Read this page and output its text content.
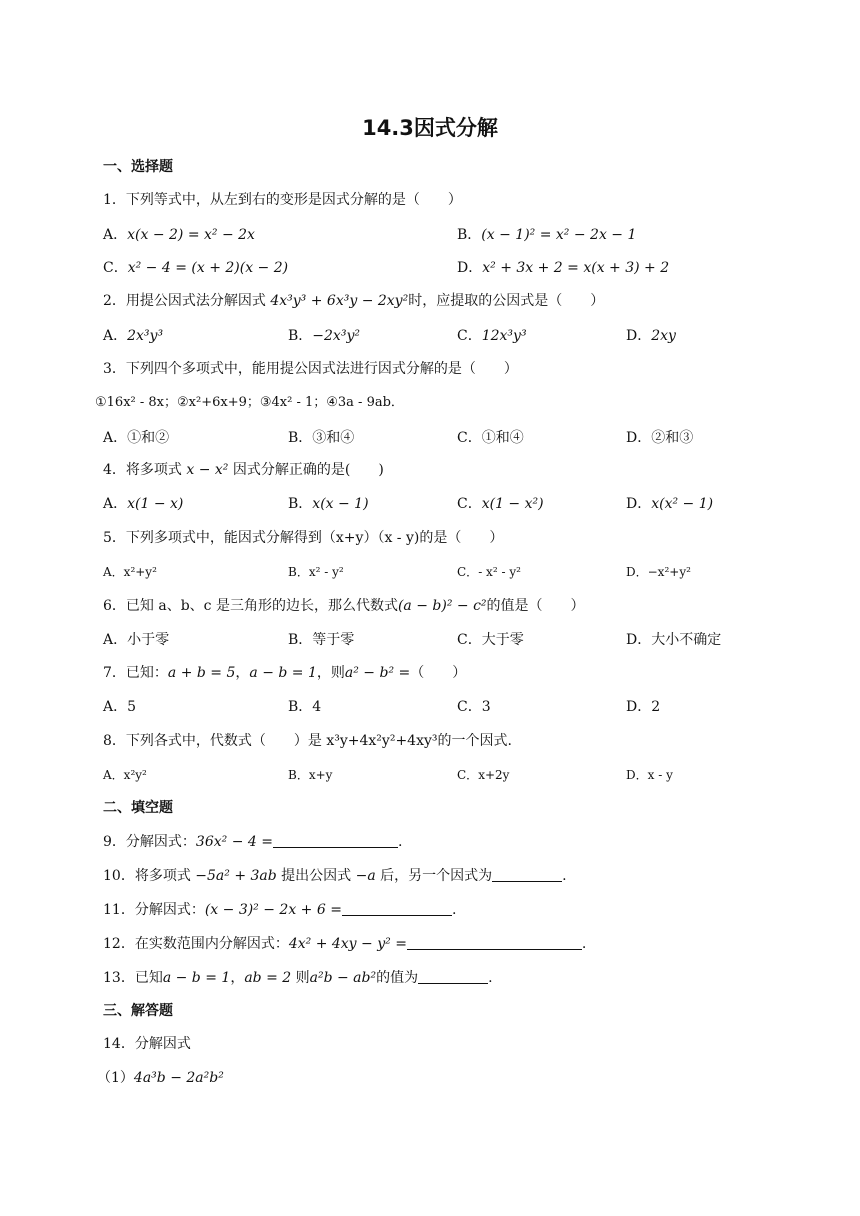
14.3因式分解
一、选择题
1．下列等式中，从左到右的变形是因式分解的是（　　）
A．x(x − 2) = x² − 2x	B．(x − 1)² = x² − 2x − 1
C．x² − 4 = (x + 2)(x − 2)	D．x² + 3x + 2 = x(x + 3) + 2
2．用提公因式法分解因式 4x³y³ + 6x³y − 2xy²时，应提取的公因式是（　　）
A．2x³y³	B．−2x³y²	C．12x³y³	D．2xy
3．下列四个多项式中，能用提公因式法进行因式分解的是（　　）
①16x² - 8x；②x²+6x+9；③4x² - 1；④3a - 9ab．
A．①和②	B．③和④	C．①和④	D．②和③
4．将多项式 x − x² 因式分解正确的是(　　)
A．x(1 − x)	B．x(x − 1)	C．x(1 − x²)	D．x(x² − 1)
5．下列多项式中，能因式分解得到（x+y）（x - y)的是（　　）
A．x²+y²	B．x² - y²	C．- x² - y²	D．−x²+y²
6．已知 a、b、c 是三角形的边长，那么代数式(a − b)² − c²的值是（　　）
A．小于零	B．等于零	C．大于零	D．大小不确定
7．已知：a + b = 5，a − b = 1，则a² − b² =（　　）
A．5	B．4	C．3	D．2
8．下列各式中，代数式（　　）是 x³y+4x²y²+4xy³的一个因式.
A．x²y²	B．x+y	C．x+2y	D．x - y
二、填空题
9．分解因式：36x² − 4 =	.
10．将多项式 −5a² + 3ab 提出公因式 −a 后，另一个因式为	.
11．分解因式：(x − 3)² − 2x + 6 =	.
12．在实数范围内分解因式：4x² + 4xy − y² =	.
13．已知a − b = 1，ab = 2 则a²b − ab²的值为	.
三、解答题
14．分解因式
（1）4a³b − 2a²b²
